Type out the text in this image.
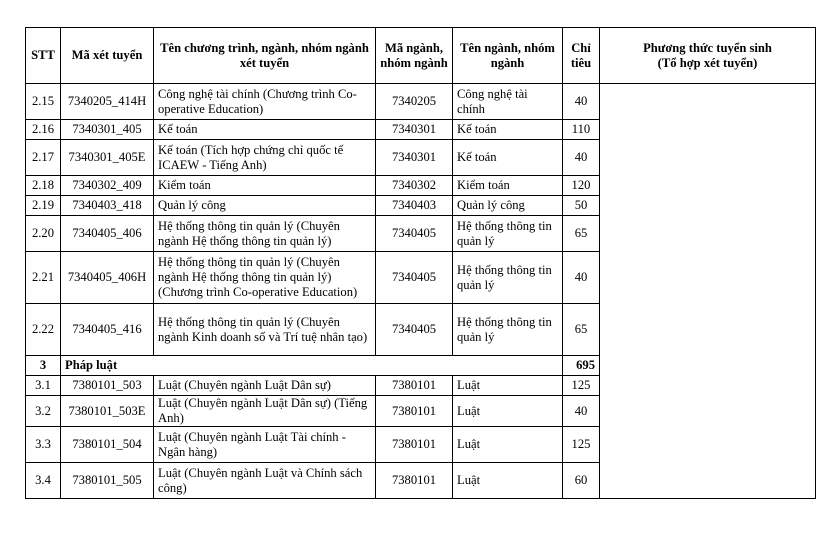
STT	Mã xét tuyển	Tên chương trình, ngành, nhóm ngành xét tuyển	Mã ngành, nhóm ngành	Tên ngành, nhóm ngành	Chỉ tiêu	Phương thức tuyển sinh
(Tổ hợp xét tuyển)

2.15	7340205_414H	Công nghệ tài chính (Chương trình Co-operative Education)	7340205	Công nghệ tài chính	40	
2.16	7340301_405	Kế toán	7340301	Kế toán	110	
2.17	7340301_405E	Kế toán (Tích hợp chứng chỉ quốc tế ICAEW - Tiếng Anh)	7340301	Kế toán	40	
2.18	7340302_409	Kiểm toán	7340302	Kiểm toán	120	
2.19	7340403_418	Quản lý công	7340403	Quản lý công	50	
2.20	7340405_406	Hệ thống thông tin quản lý (Chuyên ngành Hệ thống thông tin quản lý)	7340405	Hệ thống thông tin quản lý	65	
2.21	7340405_406H	Hệ thống thông tin quản lý (Chuyên ngành Hệ thống thông tin quản lý) (Chương trình Co-operative Education)	7340405	Hệ thống thông tin quản lý	40	
2.22	7340405_416	Hệ thống thông tin quản lý (Chuyên ngành Kinh doanh số và Trí tuệ nhân tạo)	7340405	Hệ thống thông tin quản lý	65	
3	Pháp luật				695	
3.1	7380101_503	Luật (Chuyên ngành Luật Dân sự)	7380101	Luật	125	
3.2	7380101_503E	Luật (Chuyên ngành Luật Dân sự) (Tiếng Anh)	7380101	Luật	40	
3.3	7380101_504	Luật (Chuyên ngành Luật Tài chính - Ngân hàng)	7380101	Luật	125	
3.4	7380101_505	Luật (Chuyên ngành Luật và Chính sách công)	7380101	Luật	60	
